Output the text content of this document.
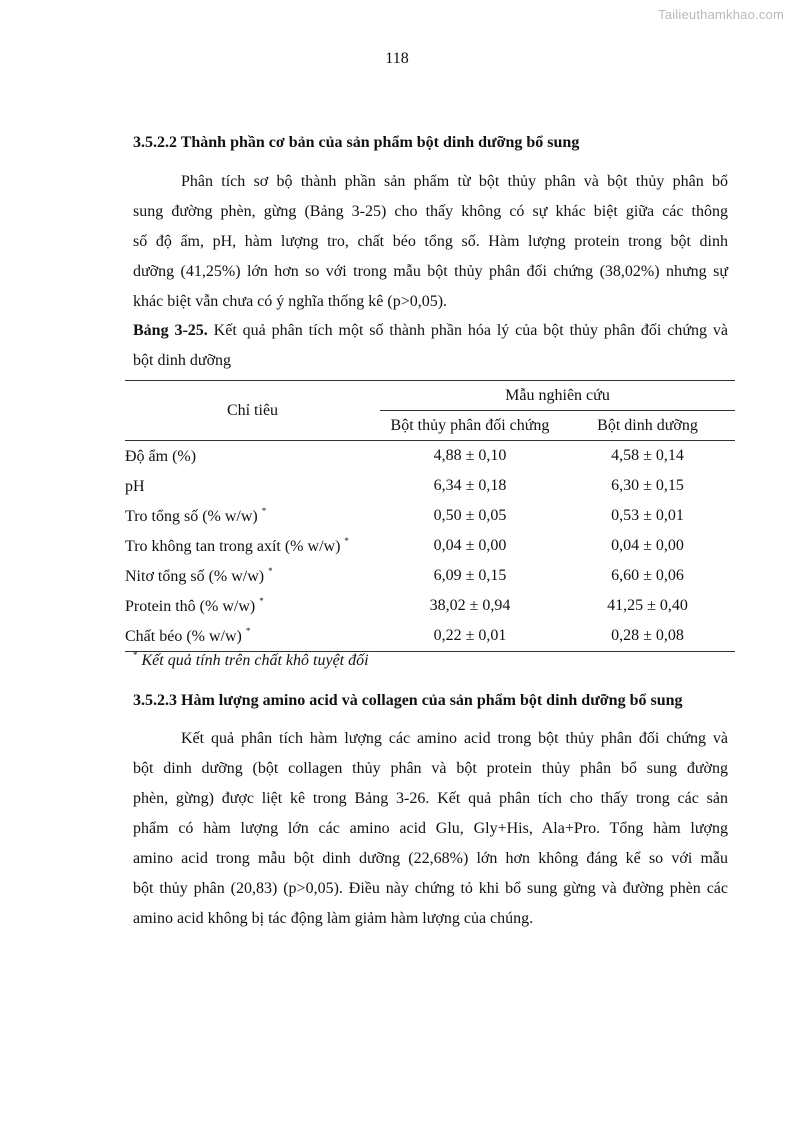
Tailieuthamkhao.com
118
3.5.2.2 Thành phần cơ bản của sản phẩm bột dinh dưỡng bổ sung
Phân tích sơ bộ thành phần sản phẩm từ bột thủy phân và bột thủy phân bổ
sung đường phèn, gừng (Bảng 3-25) cho thấy không có sự khác biệt giữa các thông
số độ ẩm, pH, hàm lượng tro, chất béo tổng số. Hàm lượng protein trong bột dinh
dưỡng (41,25%) lớn hơn so với trong mẫu bột thủy phân đối chứng (38,02%) nhưng sự
khác biệt vẫn chưa có ý nghĩa thống kê (p>0,05).
Bảng 3-25. Kết quả phân tích một số thành phần hóa lý của bột thủy phân đối chứng và
bột dinh dưỡng
Chỉ tiêu	Mẫu nghiên cứu	
	Bột thủy phân đối chứng	Bột dinh dưỡng
Độ ẩm (%)	4,88 ± 0,10	4,58 ± 0,14
pH	6,34 ± 0,18	6,30 ± 0,15
Tro tổng số (% w/w) *	0,50 ± 0,05	0,53 ± 0,01
Tro không tan trong axít (% w/w) *	0,04 ± 0,00	0,04 ± 0,00
Nitơ tổng số (% w/w) *	6,09 ± 0,15	6,60 ± 0,06
Protein thô (% w/w) *	38,02 ± 0,94	41,25 ± 0,40
Chất béo (% w/w) *	0,22 ± 0,01	0,28 ± 0,08
* Kết quả tính trên chất khô tuyệt đối
3.5.2.3 Hàm lượng amino acid và collagen của sản phẩm bột dinh dưỡng bổ sung
Kết quả phân tích hàm lượng các amino acid trong bột thủy phân đối chứng và
bột dinh dưỡng (bột collagen thủy phân và bột protein thủy phân bổ sung đường
phèn, gừng) được liệt kê trong Bảng 3-26. Kết quả phân tích cho thấy trong các sản
phẩm có hàm lượng lớn các amino acid Glu, Gly+His, Ala+Pro. Tổng hàm lượng
amino acid trong mẫu bột dinh dưỡng (22,68%) lớn hơn không đáng kể so với mẫu
bột thủy phân (20,83) (p>0,05). Điều này chứng tỏ khi bổ sung gừng và đường phèn các
amino acid không bị tác động làm giảm hàm lượng của chúng.
